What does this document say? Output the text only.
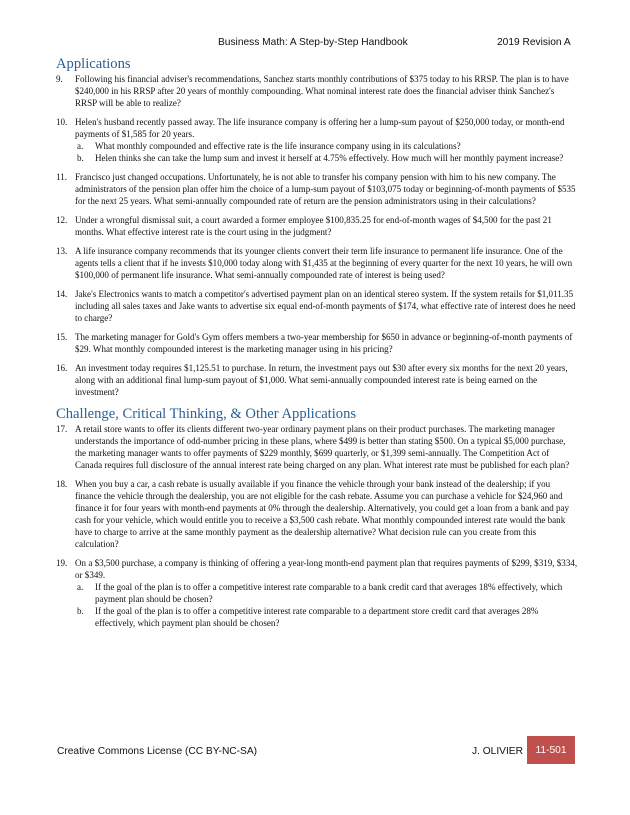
Business Math: A Step-by-Step Handbook	2019 Revision A
Applications
9. Following his financial adviser's recommendations, Sanchez starts monthly contributions of $375 today to his RRSP. The plan is to have $240,000 in his RRSP after 20 years of monthly compounding. What nominal interest rate does the financial adviser think Sanchez's RRSP will be able to realize?
10. Helen's husband recently passed away. The life insurance company is offering her a lump-sum payout of $250,000 today, or month-end payments of $1,585 for 20 years.
a. What monthly compounded and effective rate is the life insurance company using in its calculations?
b. Helen thinks she can take the lump sum and invest it herself at 4.75% effectively. How much will her monthly payment increase?
11. Francisco just changed occupations. Unfortunately, he is not able to transfer his company pension with him to his new company. The administrators of the pension plan offer him the choice of a lump-sum payout of $103,075 today or beginning-of-month payments of $535 for the next 25 years. What semi-annually compounded rate of return are the pension administrators using in their calculations?
12. Under a wrongful dismissal suit, a court awarded a former employee $100,835.25 for end-of-month wages of $4,500 for the past 21 months. What effective interest rate is the court using in the judgment?
13. A life insurance company recommends that its younger clients convert their term life insurance to permanent life insurance. One of the agents tells a client that if he invests $10,000 today along with $1,435 at the beginning of every quarter for the next 10 years, he will own $100,000 of permanent life insurance. What semi-annually compounded rate of interest is being used?
14. Jake's Electronics wants to match a competitor's advertised payment plan on an identical stereo system. If the system retails for $1,011.35 including all sales taxes and Jake wants to advertise six equal end-of-month payments of $174, what effective rate of interest does he need to charge?
15. The marketing manager for Gold's Gym offers members a two-year membership for $650 in advance or beginning-of-month payments of $29. What monthly compounded interest is the marketing manager using in his pricing?
16. An investment today requires $1,125.51 to purchase. In return, the investment pays out $30 after every six months for the next 20 years, along with an additional final lump-sum payout of $1,000. What semi-annually compounded interest rate is being earned on the investment?
Challenge, Critical Thinking, & Other Applications
17. A retail store wants to offer its clients different two-year ordinary payment plans on their product purchases. The marketing manager understands the importance of odd-number pricing in these plans, where $499 is better than stating $500. On a typical $5,000 purchase, the marketing manager wants to offer payments of $229 monthly, $699 quarterly, or $1,399 semi-annually. The Competition Act of Canada requires full disclosure of the annual interest rate being charged on any plan. What interest rate must be published for each plan?
18. When you buy a car, a cash rebate is usually available if you finance the vehicle through your bank instead of the dealership; if you finance the vehicle through the dealership, you are not eligible for the cash rebate. Assume you can purchase a vehicle for $24,960 and finance it for four years with month-end payments at 0% through the dealership. Alternatively, you could get a loan from a bank and pay cash for your vehicle, which would entitle you to receive a $3,500 cash rebate. What monthly compounded interest rate would the bank have to charge to arrive at the same monthly payment as the dealership alternative? What decision rule can you create from this calculation?
19. On a $3,500 purchase, a company is thinking of offering a year-long month-end payment plan that requires payments of $299, $319, $334, or $349.
a. If the goal of the plan is to offer a competitive interest rate comparable to a bank credit card that averages 18% effectively, which payment plan should be chosen?
b. If the goal of the plan is to offer a competitive interest rate comparable to a department store credit card that averages 28% effectively, which payment plan should be chosen?
Creative Commons License (CC BY-NC-SA)	J. OLIVIER	11-501
